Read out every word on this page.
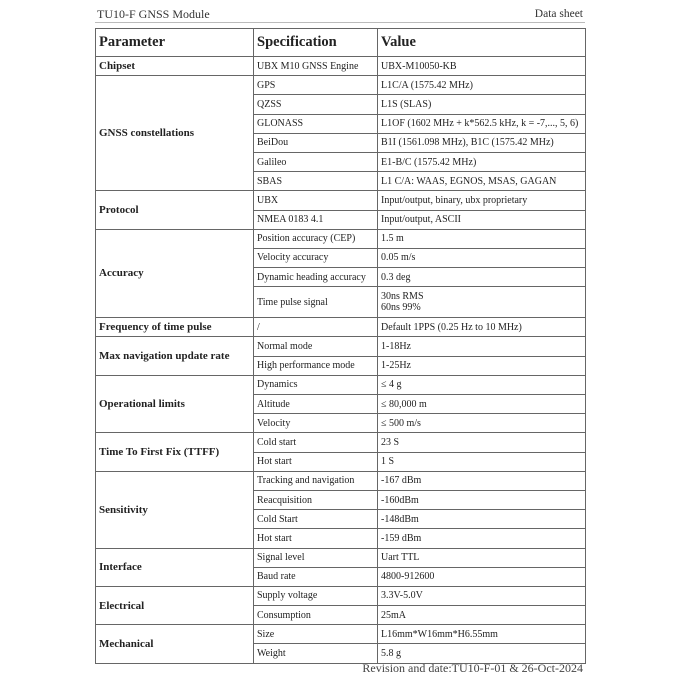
TU10-F GNSS Module	Data sheet
Parameter	Specification	Value
Chipset	UBX M10 GNSS Engine	UBX-M10050-KB

GNSS constellations	GPS	L1C/A (1575.42 MHz)

	QZSS	L1S (SLAS)

	GLONASS	L1OF (1602 MHz + k*562.5 kHz, k = -7,..., 5, 6)

	BeiDou	B1I (1561.098 MHz), B1C (1575.42 MHz)

	Galileo	E1-B/C (1575.42 MHz)

	SBAS	L1 C/A: WAAS, EGNOS, MSAS, GAGAN

Protocol	UBX	Input/output, binary, ubx proprietary

	NMEA 0183 4.1	Input/output, ASCII

Accuracy	Position accuracy (CEP)	1.5 m

	Velocity accuracy	0.05 m/s

	Dynamic heading accuracy	0.3 deg

	Time pulse signal	30ns RMS
60ns 99%

Frequency of time pulse	/	Default 1PPS (0.25 Hz to 10 MHz)

Max navigation update rate	Normal mode	1-18Hz

	High performance mode	1-25Hz

Operational limits	Dynamics	≤ 4 g

	Altitude	≤ 80,000 m

	Velocity	≤ 500 m/s

Time To First Fix (TTFF)	Cold start	23 S

	Hot start	1 S

Sensitivity	Tracking and navigation	-167 dBm

	Reacquisition	-160dBm

	Cold Start	-148dBm

	Hot start	-159 dBm

Interface	Signal level	Uart TTL

	Baud rate	4800-912600

Electrical	Supply voltage	3.3V-5.0V

	Consumption	25mA

Mechanical	Size	L16mm*W16mm*H6.55mm

	Weight	5.8 g
Revision and date:TU10-F-01 & 26-Oct-2024
